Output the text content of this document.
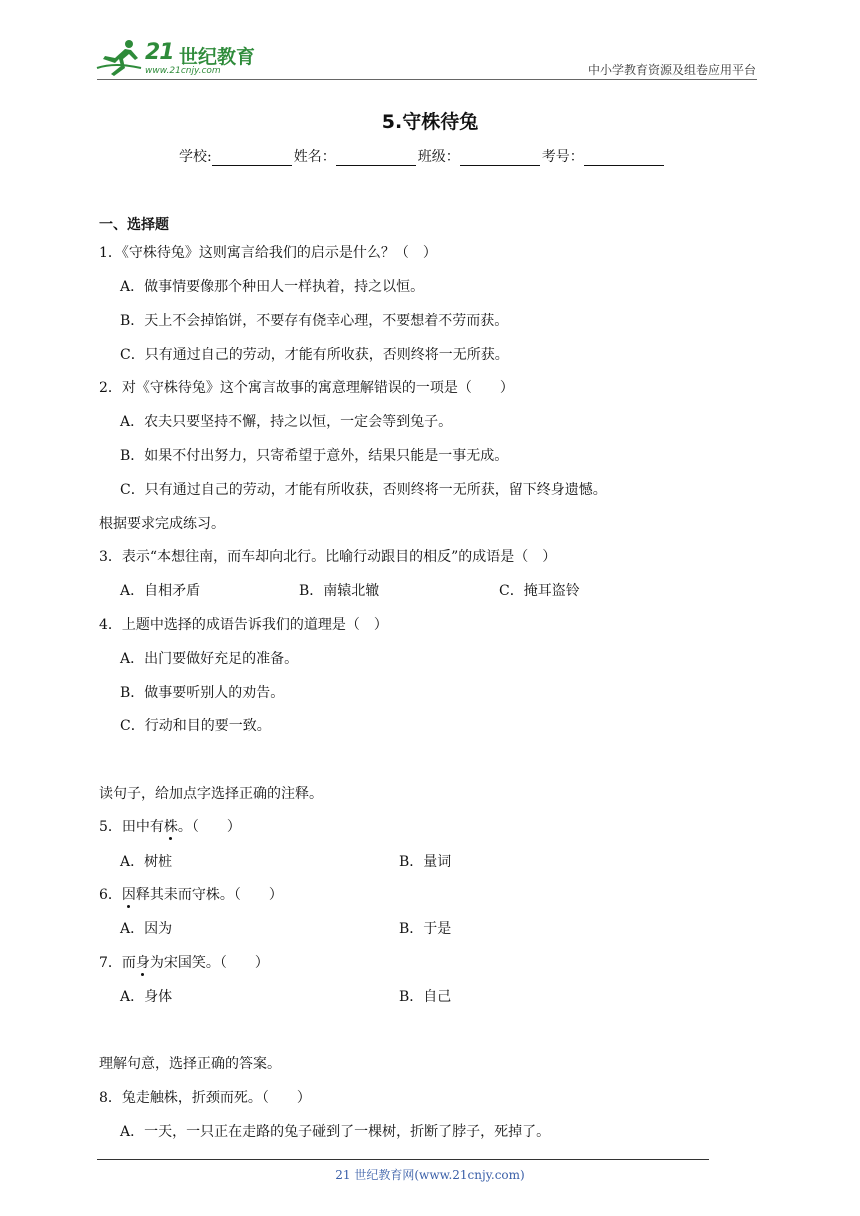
21 世纪教育
www.21cnjy.com	中小学教育资源及组卷应用平台
5.守株待兔
学校:	姓名：	班级：	考号：
一、选择题
1．《守株待兔》这则寓言给我们的启示是什么？（　）
A．做事情要像那个种田人一样执着，持之以恒。
B．天上不会掉馅饼，不要存有侥幸心理，不要想着不劳而获。
C．只有通过自己的劳动，才能有所收获，否则终将一无所获。
2．对《守株待兔》这个寓言故事的寓意理解错误的一项是（　　）
A．农夫只要坚持不懈，持之以恒，一定会等到兔子。
B．如果不付出努力，只寄希望于意外，结果只能是一事无成。
C．只有通过自己的劳动，才能有所收获，否则终将一无所获，留下终身遗憾。
根据要求完成练习。
3．表示“本想往南，而车却向北行。比喻行动跟目的相反”的成语是（　）
A．自相矛盾	B．南辕北辙	C．掩耳盗铃
4．上题中选择的成语告诉我们的道理是（　）
A．出门要做好充足的准备。
B．做事要听别人的劝告。
C．行动和目的要一致。
读句子，给加点字选择正确的注释。
5．田中有株。（　　）
A．树桩	B．量词
6．因释其耒而守株。（　　）
A．因为	B．于是
7．而身为宋国笑。（　　）
A．身体	B．自己
理解句意，选择正确的答案。
8．兔走触株，折颈而死。（　　）
A．一天，一只正在走路的兔子碰到了一棵树，折断了脖子，死掉了。
21 世纪教育网(www.21cnjy.com)
